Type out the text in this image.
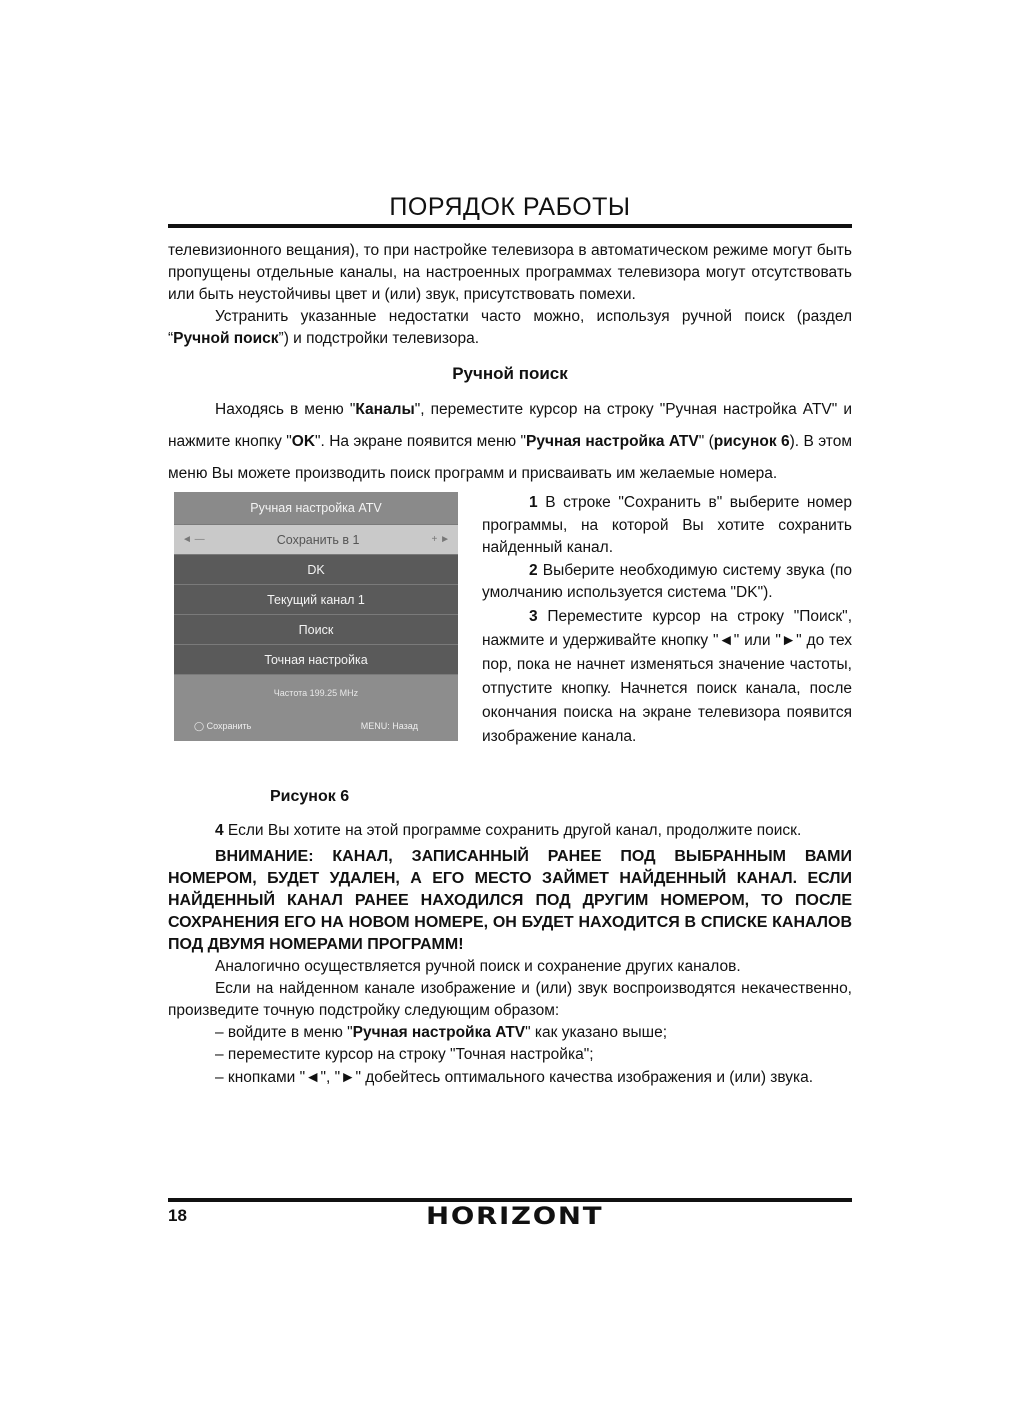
ПОРЯДОК РАБОТЫ

телевизионного вещания), то при настройке телевизора в автоматическом режиме могут быть пропущены отдельные каналы, на настроенных программах телевизора могут отсутствовать или быть неустойчивы цвет и (или) звук, присутствовать помехи.

Устранить указанные недостатки часто можно, используя ручной поиск (раздел “Ручной поиск”) и подстройки телевизора.

Ручной поиск

Находясь в меню "Каналы", переместите курсор на строку "Ручная настройка ATV" и нажмите кнопку "OK". На экране появится меню "Ручная настройка ATV" (рисунок 6). В этом меню Вы можете производить поиск программ и присваивать им желаемые номера.

Ручная настройка ATV
◄ —	Сохранить в 1	+ ►
DK
Текущий канал 1
Поиск
Точная настройка
Частота 199.25 MHz
◯ Сохранить	MENU: Назад
Рисунок 6

1 В строке "Сохранить в" выберите номер программы, на которой Вы хотите сохранить найденный канал.

2 Выберите необходимую систему звука (по умолчанию используется система "DK").

3 Переместите курсор на строку "Поиск", нажмите и удерживайте кнопку "◄" или "►" до тех пор, пока не начнет изменяться значение частоты, отпустите кнопку. Начнется поиск канала, после окончания поиска на экране телевизора появится изображение канала.

4 Если Вы хотите на этой программе сохранить другой канал, продолжите поиск.

ВНИМАНИЕ: КАНАЛ, ЗАПИСАННЫЙ РАНЕЕ ПОД ВЫБРАННЫМ ВАМИ НОМЕРОМ, БУДЕТ УДАЛЕН, А ЕГО МЕСТО ЗАЙМЕТ НАЙДЕННЫЙ КАНАЛ. ЕСЛИ НАЙДЕННЫЙ КАНАЛ РАНЕЕ НАХОДИЛСЯ ПОД ДРУГИМ НОМЕРОМ, ТО ПОСЛЕ СОХРАНЕНИЯ ЕГО НА НОВОМ НОМЕРЕ, ОН БУДЕТ НАХОДИТСЯ В СПИСКЕ КАНАЛОВ ПОД ДВУМЯ НОМЕРАМИ ПРОГРАММ!

Аналогично осуществляется ручной поиск и сохранение других каналов.

Если на найденном канале изображение и (или) звук воспроизводятся некачественно, произведите точную подстройку следующим образом:

– войдите в меню "Ручная настройка ATV" как указано выше;

– переместите курсор на строку "Точная настройка";

– кнопками "◄", "►" добейтесь оптимального качества изображения и (или) звука.

18	HORIZONT
